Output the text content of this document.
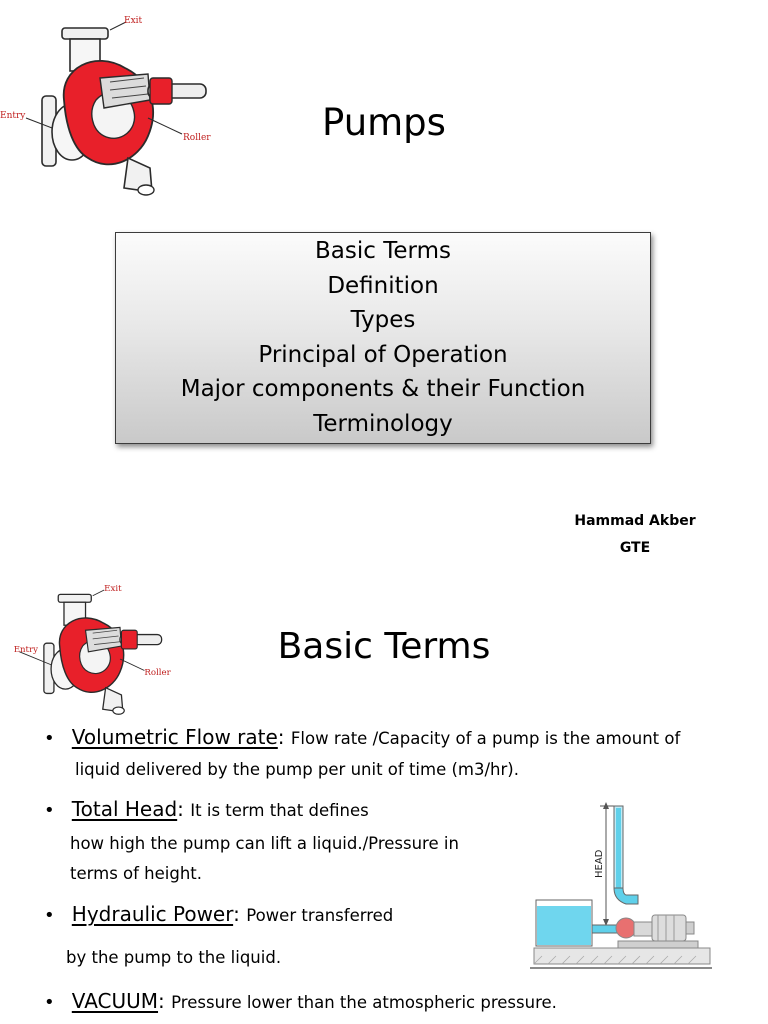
Exit
Entry
Roller	Pumps
Basic Terms
Definition
Types
Principal of Operation
Major components & their Function
Terminology
Hammad Akber
GTE
Exit
Entry
Roller
Basic Terms
•   Volumetric Flow rate: Flow rate /Capacity of a pump is the amount of
liquid delivered by the pump per unit of time (m3/hr).
•   Total Head: It is term that defines
how high the pump can lift a liquid./Pressure in
terms of height.
•   Hydraulic Power: Power transferred
by the pump to the liquid.
•   VACUUM: Pressure lower than the atmospheric pressure.
HEAD
